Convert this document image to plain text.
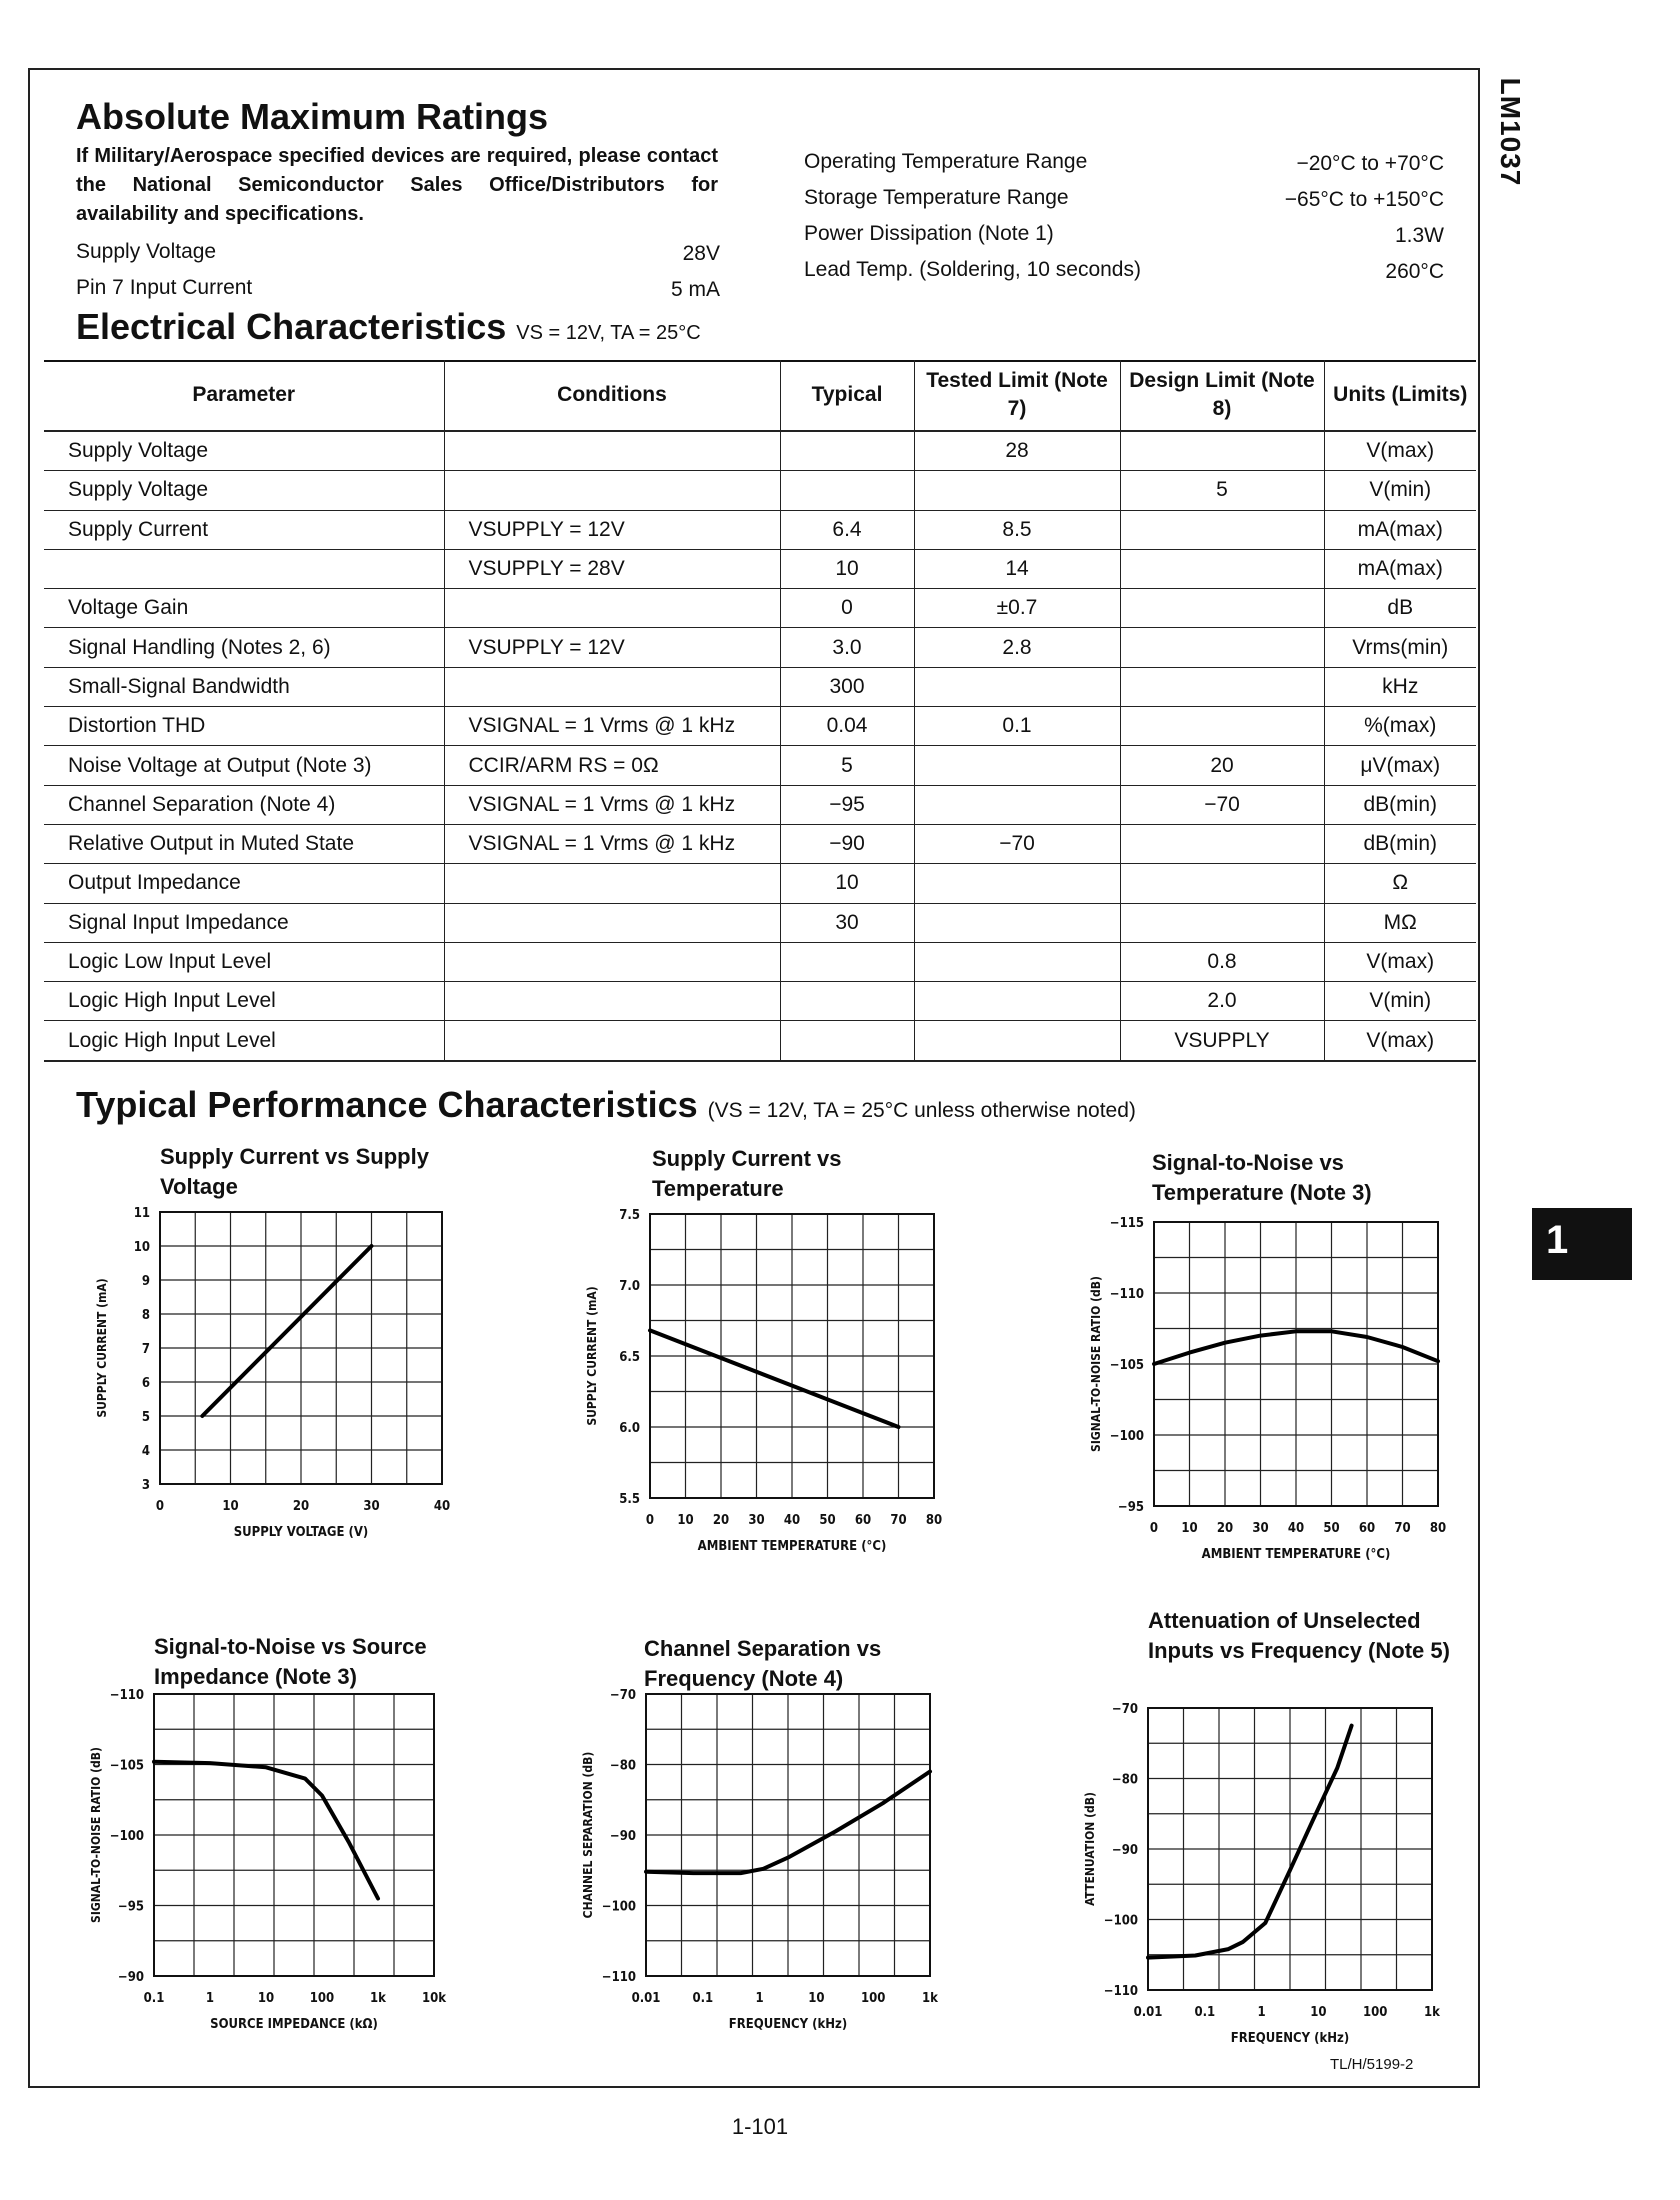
LM1037
1
Absolute Maximum Ratings
If Military/Aerospace specified devices are required, please contact the National Semiconductor Sales Office/Distributors for availability and specifications.
Supply Voltage	28V
Pin 7 Input Current	5 mA
Operating Temperature Range	−20°C to +70°C
Storage Temperature Range	−65°C to +150°C
Power Dissipation (Note 1)	1.3W
Lead Temp. (Soldering, 10 seconds)	260°C
Electrical Characteristics VS = 12V, TA = 25°C
Parameter	Conditions	Typical	Tested Limit (Note 7)	Design Limit (Note 8)	Units (Limits)
Supply Voltage			28		V(max)
Supply Voltage				5	V(min)
Supply Current	VSUPPLY = 12V	6.4	8.5		mA(max)
	VSUPPLY = 28V	10	14		mA(max)
Voltage Gain		0	±0.7		dB
Signal Handling (Notes 2, 6)	VSUPPLY = 12V	3.0	2.8		Vrms(min)
Small-Signal Bandwidth		300			kHz
Distortion THD	VSIGNAL = 1 Vrms @ 1 kHz	0.04	0.1		%(max)
Noise Voltage at Output (Note 3)	CCIR/ARM RS = 0Ω	5		20	μV(max)
Channel Separation (Note 4)	VSIGNAL = 1 Vrms @ 1 kHz	−95		−70	dB(min)
Relative Output in Muted State	VSIGNAL = 1 Vrms @ 1 kHz	−90	−70		dB(min)
Output Impedance		10			Ω
Signal Input Impedance		30			MΩ
Logic Low Input Level				0.8	V(max)
Logic High Input Level				2.0	V(min)
Logic High Input Level				VSUPPLY	V(max)
Typical Performance Characteristics (VS = 12V, TA = 25°C unless otherwise noted)
Supply Current vs Supply Voltage
Supply Current vs Temperature
Signal-to-Noise vs Temperature (Note 3)
Signal-to-Noise vs Source Impedance (Note 3)
Channel Separation vs Frequency (Note 4)
Attenuation of Unselected Inputs vs Frequency (Note 5)
0	10	20	30	40
3
4
5
6
7
8
9
10
11
SUPPLY VOLTAGE (V)
SUPPLY CURRENT (mA)
0 10 20 30 40 50 60 70 80
5.5
6.0
6.5
7.0
7.5
AMBIENT TEMPERATURE (°C)
SUPPLY CURRENT (mA)
0 10 20 30 40 50 60 70 80
−95
−100
−105
−110
−115
AMBIENT TEMPERATURE (°C)
SIGNAL-TO-NOISE RATIO (dB)
0.1	1	10	100	1k	10k
−90
−95
−100
−105
−110
SOURCE IMPEDANCE (kΩ)
SIGNAL-TO-NOISE RATIO (dB)
0.01 0.1	1	10	100	1k
−110
−100
−90
−80
−70
FREQUENCY (kHz)
CHANNEL SEPARATION (dB)
0.01 0.1	1	10	100	1k
−110
−100
−90
−80
−70
FREQUENCY (kHz)
ATTENUATION (dB)
TL/H/5199-2
1-101
